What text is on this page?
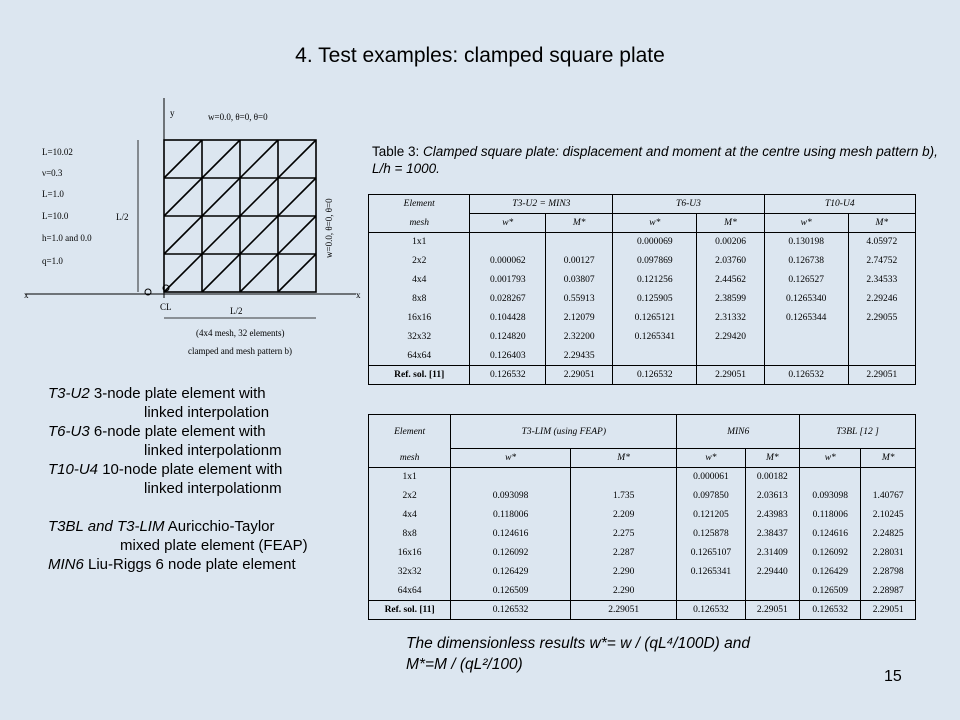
4. Test examples: clamped square plate
L=10.02
ν=0.3
L=1.0
L=10.0
h=1.0 and 0.0
q=1.0
y	w=0.0, θ=0, θ=0
x	x
w=0.0, θ=0, θ=0
L/2
L/2
CL
(4x4 mesh, 32 elements)
clamped and mesh pattern b)
Table 3: Clamped square plate: displacement and moment at the centre using mesh pattern b), L/h = 1000.
Element	T3-U2 = MIN3		T6-U3		T10-U4	
mesh	w*	M*	w*	M*	w*	M*
1x1			0.000069	0.00206	0.130198	4.05972
2x2	0.000062	0.00127	0.097869	2.03760	0.126738	2.74752
4x4	0.001793	0.03807	0.121256	2.44562	0.126527	2.34533
8x8	0.028267	0.55913	0.125905	2.38599	0.1265340	2.29246
16x16	0.104428	2.12079	0.1265121	2.31332	0.1265344	2.29055
32x32	0.124820	2.32200	0.1265341	2.29420		
64x64	0.126403	2.29435				
Ref. sol. [11]	0.126532	2.29051	0.126532	2.29051	0.126532	2.29051
Element	T3-LIM (using FEAP)		MIN6		T3BL [12 ]	
mesh	w*	M*	w*	M*	w*	M*
1x1			0.000061	0.00182		
2x2	0.093098	1.735	0.097850	2.03613	0.093098	1.40767
4x4	0.118006	2.209	0.121205	2.43983	0.118006	2.10245
8x8	0.124616	2.275	0.125878	2.38437	0.124616	2.24825
16x16	0.126092	2.287	0.1265107	2.31409	0.126092	2.28031
32x32	0.126429	2.290	0.1265341	2.29440	0.126429	2.28798
64x64	0.126509	2.290			0.126509	2.28987
Ref. sol. [11]	0.126532	2.29051	0.126532	2.29051	0.126532	2.29051
T3-U2 3-node plate element with
linked interpolation
T6-U3 6-node plate element with
linked interpolationm
T10-U4 10-node plate element with
linked interpolationm
T3BL and T3-LIM Auricchio-Taylor
mixed plate element (FEAP)
MIN6 Liu-Riggs 6 node plate element
The dimensionless results w*= w / (qL⁴/100D) and
M*=M / (qL²/100)
15
